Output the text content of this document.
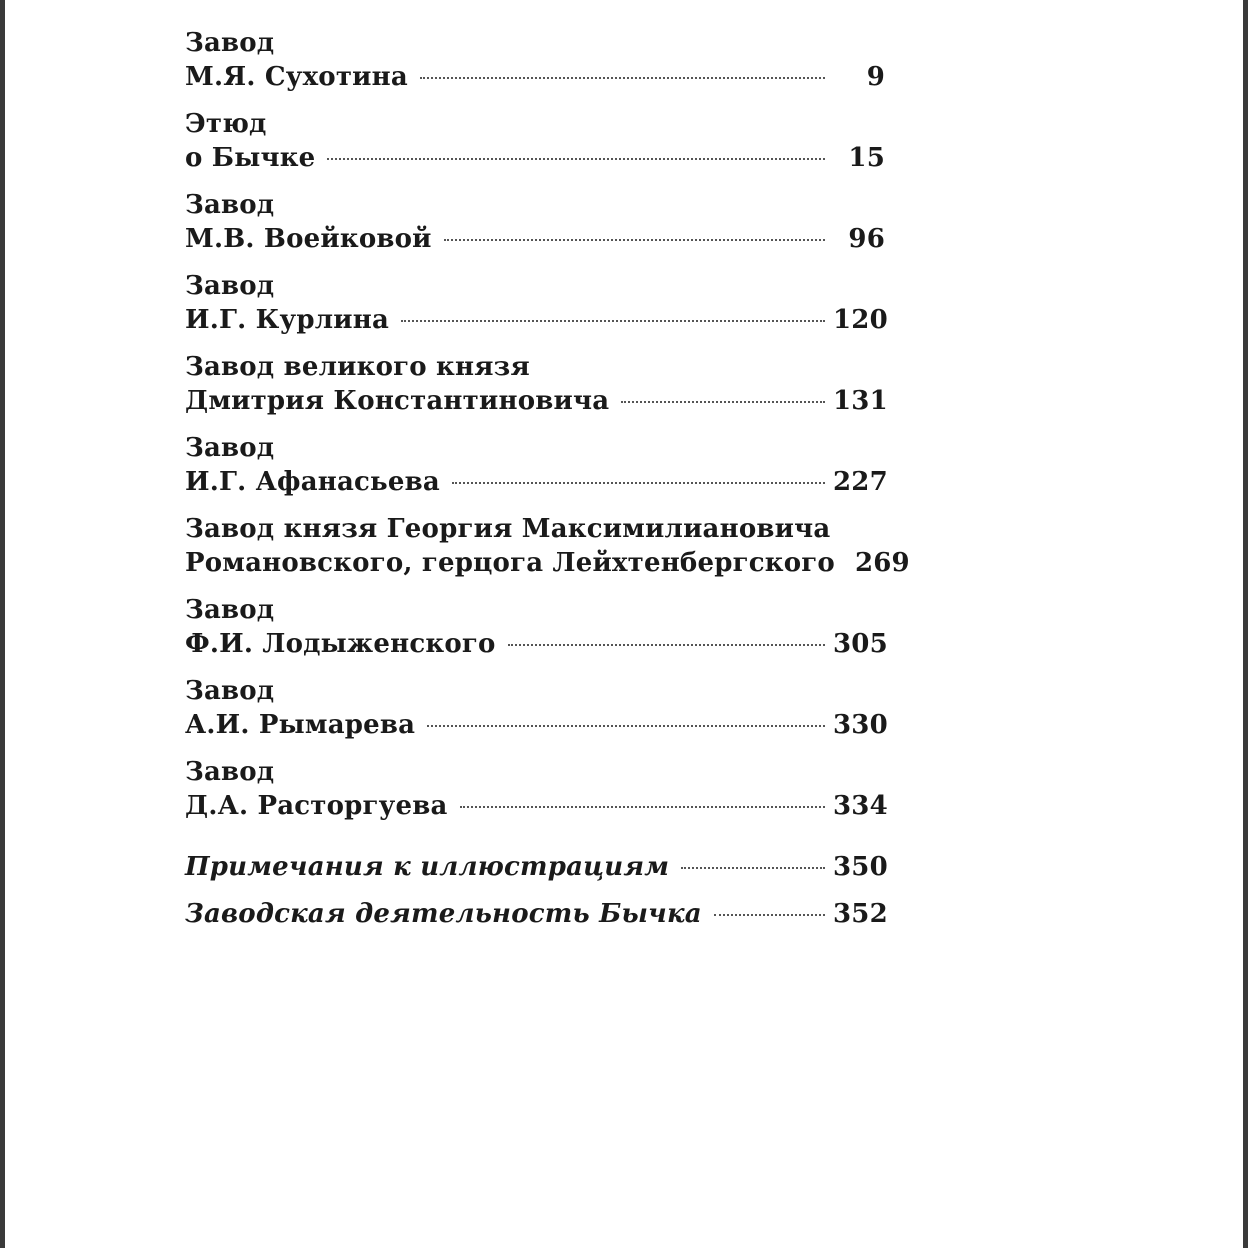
Завод
М.Я. Сухотина	9
Этюд
о Бычке	15
Завод
М.В. Воейковой	96
Завод
И.Г. Курлина	120
Завод великого князя
Дмитрия Константиновича	131
Завод
И.Г. Афанасьева	227
Завод князя Георгия Максимилиановича
Романовского, герцога Лейхтенбергского 269
Завод
Ф.И. Лодыженского	305
Завод
А.И. Рымарева	330
Завод
Д.А. Расторгуева	334
Примечания к иллюстрациям	350
Заводская деятельность Бычка	352
